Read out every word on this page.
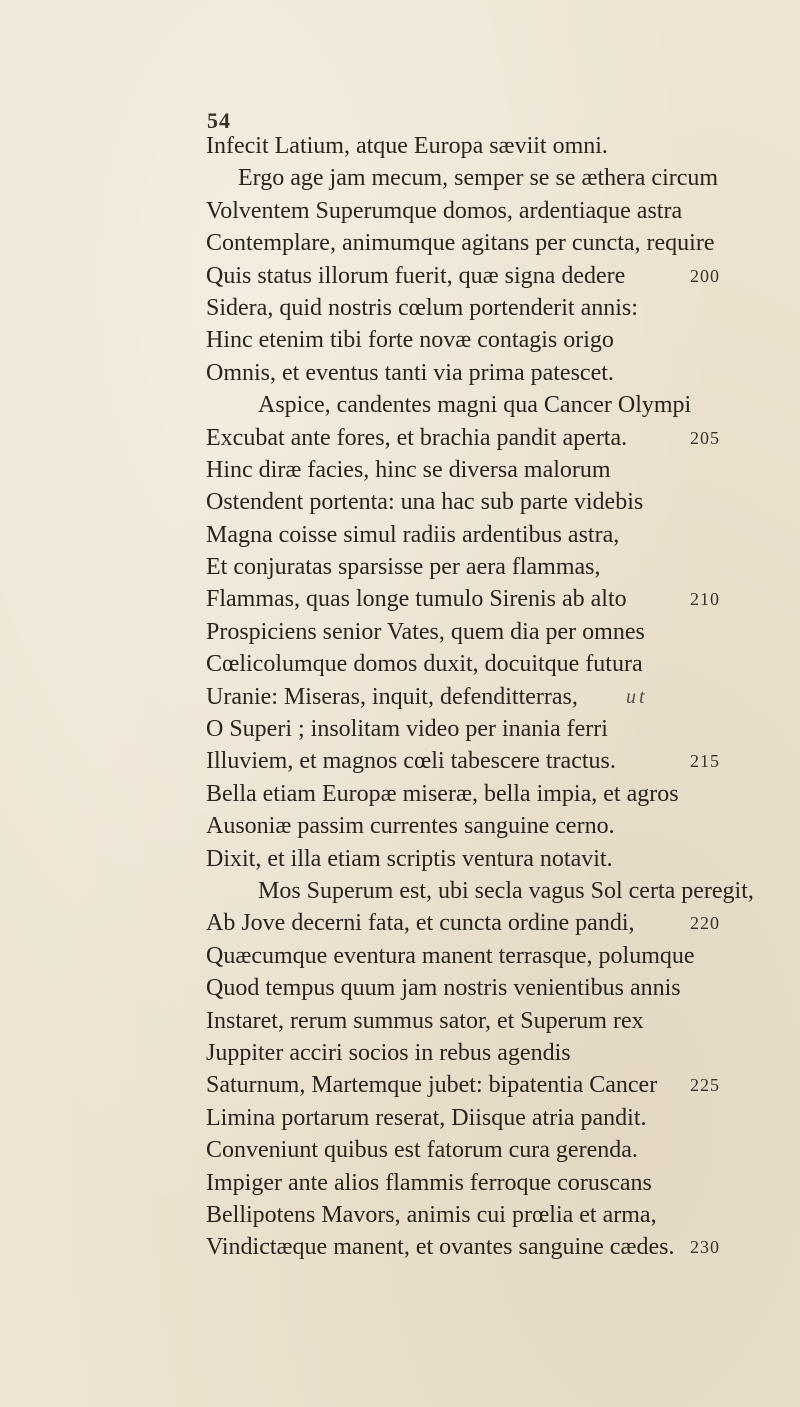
54
Infecit Latium, atque Europa sæviit omni.
Ergo age jam mecum, semper se se æthera circum
Volventem Superumque domos, ardentiaque astra
Contemplare, animumque agitans per cuncta, require
Quis status illorum fuerit, quæ signa dedere	200
Sidera, quid nostris cœlum portenderit annis:
Hinc etenim tibi forte novæ contagis origo
Omnis, et eventus tanti via prima patescet.
Aspice, candentes magni qua Cancer Olympi
Excubat ante fores, et brachia pandit aperta.	205
Hinc diræ facies, hinc se diversa malorum
Ostendent portenta: una hac sub parte videbis
Magna coisse simul radiis ardentibus astra,
Et conjuratas sparsisse per aera flammas,
Flammas, quas longe tumulo Sirenis ab alto	210
Prospiciens senior Vates, quem dia per omnes
Cœlicolumque domos duxit, docuitque futura
Uranie: Miseras, inquit, defenditterras, ut
O Superi ; insolitam video per inania ferri
Illuviem, et magnos cœli tabescere tractus.	215
Bella etiam Europæ miseræ, bella impia, et agros
Ausoniæ passim currentes sanguine cerno.
Dixit, et illa etiam scriptis ventura notavit.
Mos Superum est, ubi secla vagus Sol certa peregit,
Ab Jove decerni fata, et cuncta ordine pandi,	220
Quæcumque eventura manent terrasque, polumque
Quod tempus quum jam nostris venientibus annis
Instaret, rerum summus sator, et Superum rex
Juppiter acciri socios in rebus agendis
Saturnum, Martemque jubet: bipatentia Cancer 225
Limina portarum reserat, Diisque atria pandit.
Conveniunt quibus est fatorum cura gerenda.
Impiger ante alios flammis ferroque coruscans
Bellipotens Mavors, animis cui prœlia et arma,
Vindictæque manent, et ovantes sanguine cædes. 230
